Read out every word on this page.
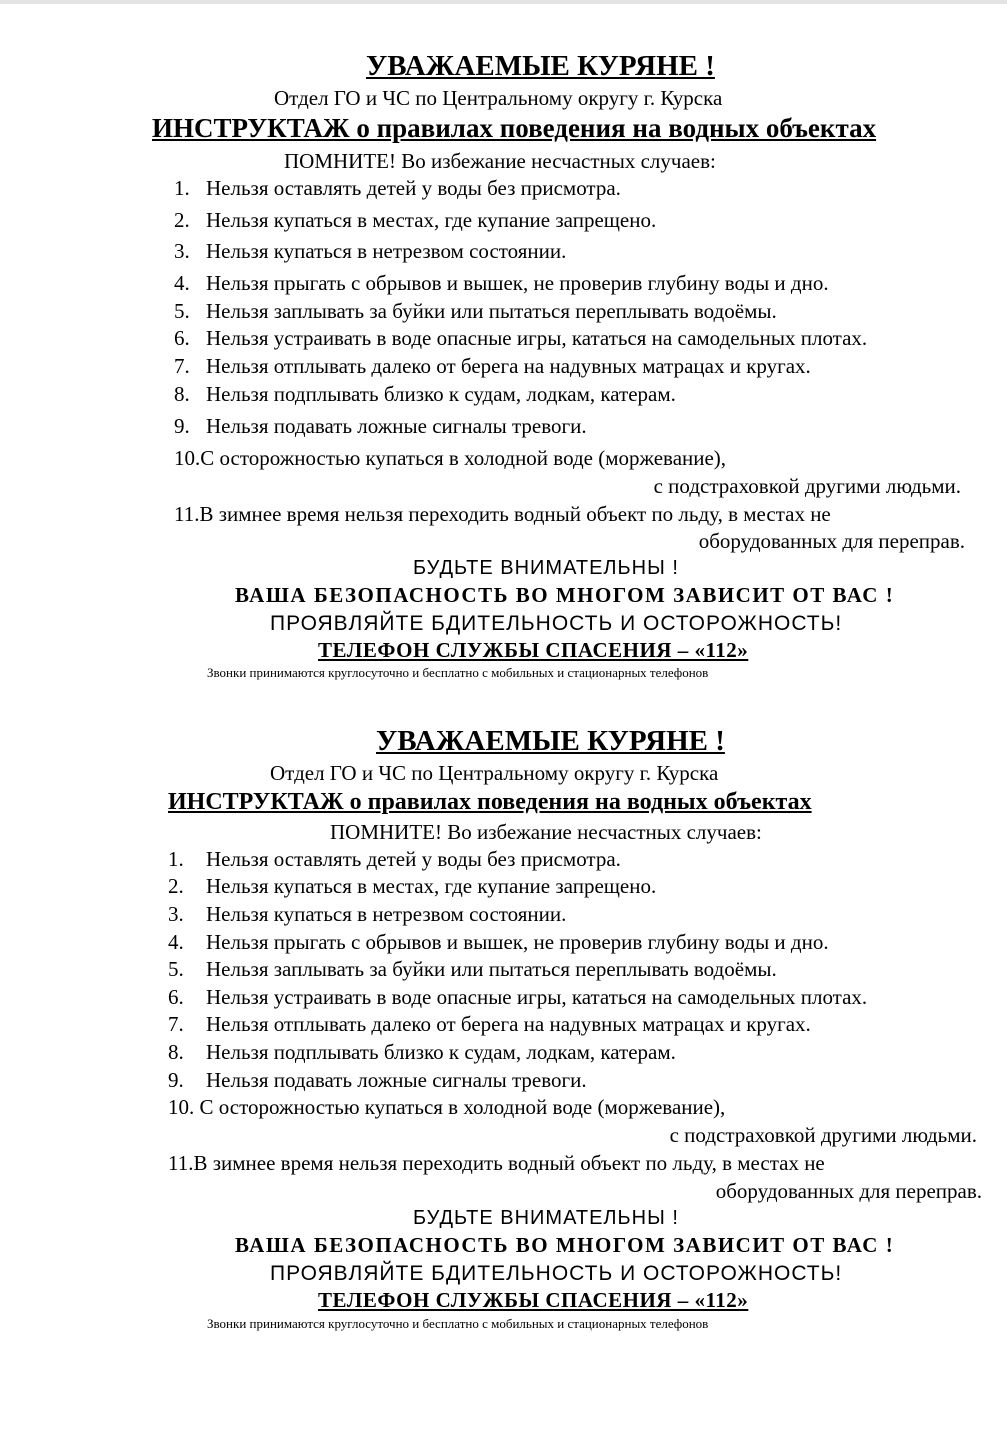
УВАЖАЕМЫЕ КУРЯНЕ !
Отдел ГО и ЧС по Центральному округу г. Курска
ИНСТРУКТАЖ о правилах поведения на водных объектах
ПОМНИТЕ! Во избежание несчастных случаев:
1. Нельзя оставлять детей у воды без присмотра.
2. Нельзя купаться в местах, где купание запрещено.
3. Нельзя купаться в нетрезвом состоянии.
4. Нельзя прыгать с обрывов и вышек, не проверив глубину воды и дно.
5. Нельзя заплывать за буйки или пытаться переплывать водоёмы.
6. Нельзя устраивать в воде опасные игры, кататься на самодельных плотах.
7. Нельзя отплывать далеко от берега на надувных матрацах и кругах.
8. Нельзя подплывать близко к судам, лодкам, катерам.
9. Нельзя подавать ложные сигналы тревоги.
10.С осторожностью купаться в холодной воде (моржевание),
с подстраховкой другими людьми.
11.В зимнее время нельзя переходить водный объект по льду, в местах не
оборудованных для переправ.
БУДЬТЕ ВНИМАТЕЛЬНЫ !
ВАША БЕЗОПАСНОСТЬ ВО МНОГОМ ЗАВИСИТ ОТ ВАС !
ПРОЯВЛЯЙТЕ БДИТЕЛЬНОСТЬ И ОСТОРОЖНОСТЬ!
ТЕЛЕФОН СЛУЖБЫ СПАСЕНИЯ – «112»
Звонки принимаются круглосуточно и бесплатно с мобильных и стационарных телефонов
УВАЖАЕМЫЕ КУРЯНЕ !
Отдел ГО и ЧС по Центральному округу г. Курска
ИНСТРУКТАЖ о правилах поведения на водных объектах
ПОМНИТЕ! Во избежание несчастных случаев:
1. Нельзя оставлять детей у воды без присмотра.
2. Нельзя купаться в местах, где купание запрещено.
3. Нельзя купаться в нетрезвом состоянии.
4. Нельзя прыгать с обрывов и вышек, не проверив глубину воды и дно.
5. Нельзя заплывать за буйки или пытаться переплывать водоёмы.
6. Нельзя устраивать в воде опасные игры, кататься на самодельных плотах.
7. Нельзя отплывать далеко от берега на надувных матрацах и кругах.
8. Нельзя подплывать близко к судам, лодкам, катерам.
9. Нельзя подавать ложные сигналы тревоги.
10. С осторожностью купаться в холодной воде (моржевание),
с подстраховкой другими людьми.
11.В зимнее время нельзя переходить водный объект по льду, в местах не
оборудованных для переправ.
БУДЬТЕ ВНИМАТЕЛЬНЫ !
ВАША БЕЗОПАСНОСТЬ ВО МНОГОМ ЗАВИСИТ ОТ ВАС !
ПРОЯВЛЯЙТЕ БДИТЕЛЬНОСТЬ И ОСТОРОЖНОСТЬ!
ТЕЛЕФОН СЛУЖБЫ СПАСЕНИЯ – «112»
Звонки принимаются круглосуточно и бесплатно с мобильных и стационарных телефонов
